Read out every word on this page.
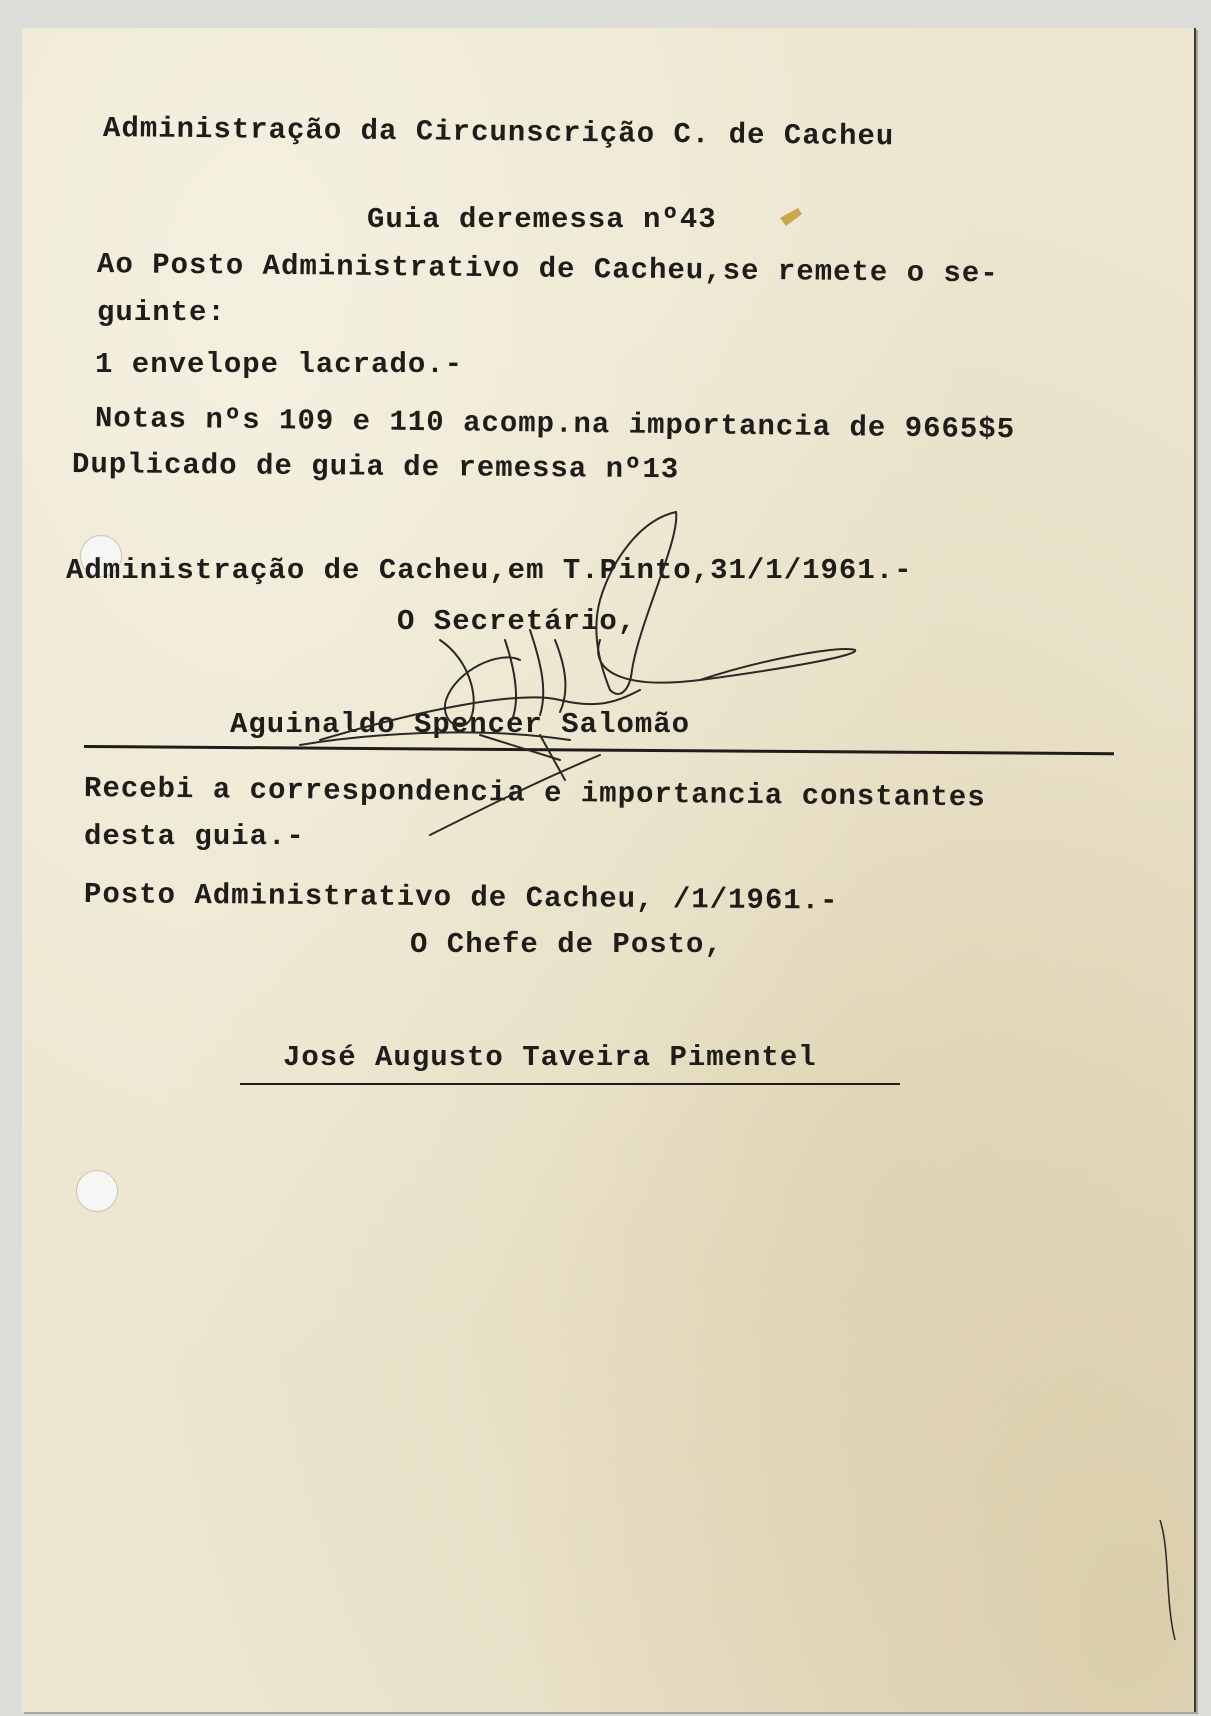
Administração da Circunscrição C. de Cacheu
Guia deremessa nº43
Ao Posto Administrativo de Cacheu,se remete o se-
guinte:
1 envelope lacrado.-
Notas nºs 109 e 110 acomp.na importancia de 9665$5
Duplicado de guia de remessa nº13
Administração de Cacheu,em T.Pinto,31/1/1961.-
O Secretário,
Aguinaldo Spencer Salomão
Recebi a correspondencia e importancia constantes
desta guia.-
Posto Administrativo de Cacheu, /1/1961.-
O Chefe de Posto,
José Augusto Taveira Pimentel
